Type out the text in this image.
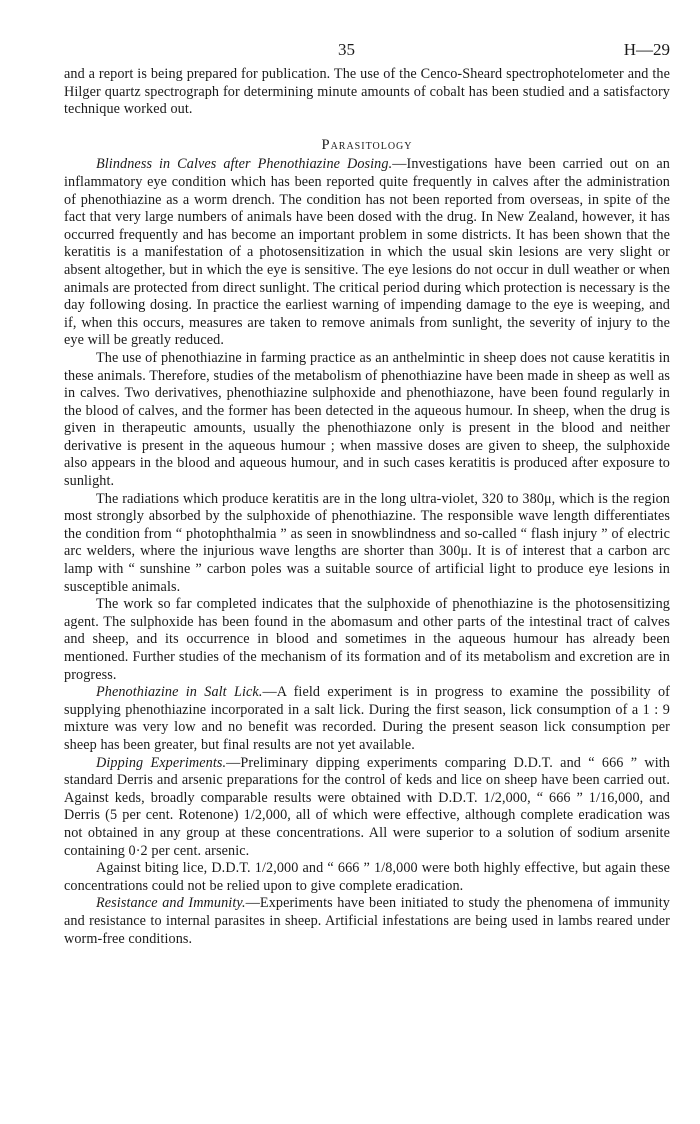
35	H—29

and a report is being prepared for publication. The use of the Cenco-Sheard spectrophotelometer and the Hilger quartz spectrograph for determining minute amounts of cobalt has been studied and a satisfactory technique worked out.

Parasitology

Blindness in Calves after Phenothiazine Dosing.—Investigations have been carried out on an inflammatory eye condition which has been reported quite frequently in calves after the administration of phenothiazine as a worm drench. The condition has not been reported from overseas, in spite of the fact that very large numbers of animals have been dosed with the drug. In New Zealand, however, it has occurred frequently and has become an important problem in some districts. It has been shown that the keratitis is a manifestation of a photosensitization in which the usual skin lesions are very slight or absent altogether, but in which the eye is sensitive. The eye lesions do not occur in dull weather or when animals are protected from direct sunlight. The critical period during which protection is necessary is the day following dosing. In practice the earliest warning of impending damage to the eye is weeping, and if, when this occurs, measures are taken to remove animals from sunlight, the severity of injury to the eye will be greatly reduced.

The use of phenothiazine in farming practice as an anthelmintic in sheep does not cause keratitis in these animals. Therefore, studies of the metabolism of phenothiazine have been made in sheep as well as in calves. Two derivatives, phenothiazine sulphoxide and phenothiazone, have been found regularly in the blood of calves, and the former has been detected in the aqueous humour. In sheep, when the drug is given in therapeutic amounts, usually the phenothiazone only is present in the blood and neither derivative is present in the aqueous humour ; when massive doses are given to sheep, the sulphoxide also appears in the blood and aqueous humour, and in such cases keratitis is produced after exposure to sunlight.

The radiations which produce keratitis are in the long ultra-violet, 320 to 380μ, which is the region most strongly absorbed by the sulphoxide of phenothiazine. The responsible wave length differentiates the condition from “ photophthalmia ” as seen in snowblindness and so-called “ flash injury ” of electric arc welders, where the injurious wave lengths are shorter than 300μ. It is of interest that a carbon arc lamp with “ sunshine ” carbon poles was a suitable source of artificial light to produce eye lesions in susceptible animals.

The work so far completed indicates that the sulphoxide of phenothiazine is the photosensitizing agent. The sulphoxide has been found in the abomasum and other parts of the intestinal tract of calves and sheep, and its occurrence in blood and sometimes in the aqueous humour has already been mentioned. Further studies of the mechanism of its formation and of its metabolism and excretion are in progress.

Phenothiazine in Salt Lick.—A field experiment is in progress to examine the possibility of supplying phenothiazine incorporated in a salt lick. During the first season, lick consumption of a 1 : 9 mixture was very low and no benefit was recorded. During the present season lick consumption per sheep has been greater, but final results are not yet available.

Dipping Experiments.—Preliminary dipping experiments comparing D.D.T. and “ 666 ” with standard Derris and arsenic preparations for the control of keds and lice on sheep have been carried out. Against keds, broadly comparable results were obtained with D.D.T. 1/2,000, “ 666 ” 1/16,000, and Derris (5 per cent. Rotenone) 1/2,000, all of which were effective, although complete eradication was not obtained in any group at these concentrations. All were superior to a solution of sodium arsenite containing 0·2 per cent. arsenic.

Against biting lice, D.D.T. 1/2,000 and “ 666 ” 1/8,000 were both highly effective, but again these concentrations could not be relied upon to give complete eradication.

Resistance and Immunity.—Experiments have been initiated to study the phenomena of immunity and resistance to internal parasites in sheep. Artificial infestations are being used in lambs reared under worm-free conditions.
